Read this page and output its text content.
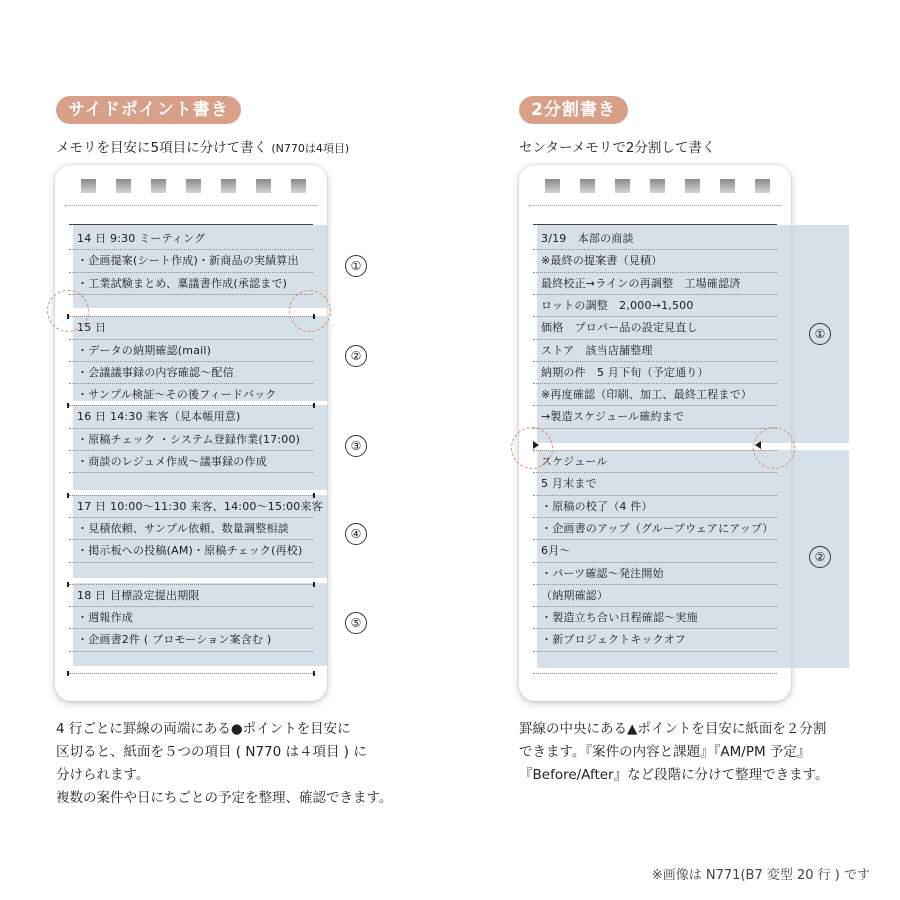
サイドポイント書き
メモリを目安に5項目に分けて書く (N770は4項目)
14 日 9:30 ミーティング
・企画提案(シート作成)・新商品の実績算出
・工業試験まとめ、稟議書作成(承認まで)
15 日
・データの納期確認(mail)
・会議議事録の内容確認～配信
・サンプル検証～その後フィードバック
16 日 14:30 来客（見本帳用意)
・原稿チェック ・システム登録作業(17:00)
・商談のレジュメ作成～議事録の作成
17 日 10:00～11:30 来客、14:00～15:00来客
・見積依頼、サンプル依頼、数量調整相談
・掲示板への投稿(AM)・原稿チェック(再校)
18 日 目標設定提出期限
・週報作成
・企画書2件 ( プロモーション案含む )
①
②
③
④
⑤
2分割書き
センターメモリで2分割して書く
3/19　本部の商談
※最終の提案書（見積）
最終校正→ラインの再調整　工場確認済
ロットの調整　2,000→1,500
価格　プロパー品の設定見直し
ストア　該当店舗整理
納期の件　5 月下旬（予定通り）
※再度確認（印刷、加工、最終工程まで）
→製造スケジュール確約まで
スケジュール
5 月末まで
・原稿の校了（4 件）
・企画書のアップ（グループウェアにアップ）
6月～
・パーツ確認～発注開始
（納期確認）
・製造立ち合い日程確認～実施
・新プロジェクトキックオフ
①
②
4 行ごとに罫線の両端にある●ポイントを目安に
区切ると、紙面を５つの項目 ( N770 は４項目 ) に
分けられます。
複数の案件や日にちごとの予定を整理、確認できます。
罫線の中央にある▲ポイントを目安に紙面を２分割
できます。『案件の内容と課題』『AM/PM 予定』
『Before/After』など段階に分けて整理できます。
※画像は N771(B7 変型 20 行 ) です
